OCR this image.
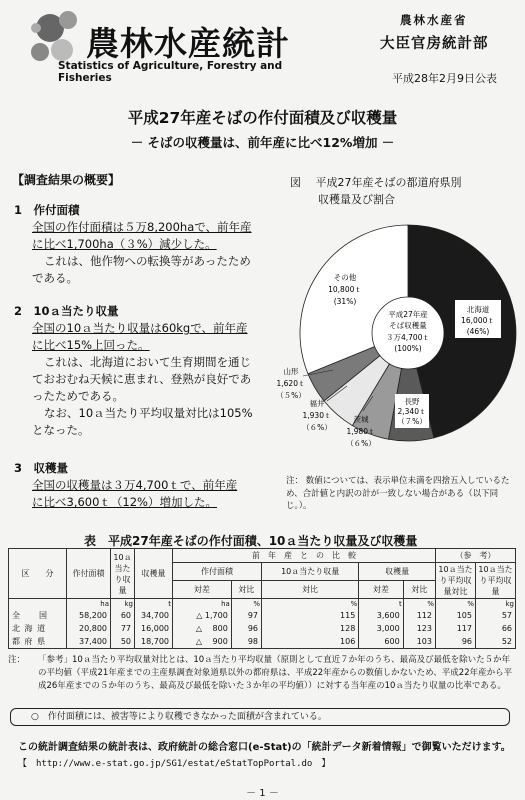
農林水産統計
Statistics of Agriculture, Forestry and Fisheries
農林水産省
大臣官房統計部
平成28年2月9日公表
平成27年産そばの作付面積及び収穫量
－ そばの収穫量は、前年産に比べ12%増加 －
【調査結果の概要】
1　作付面積
全国の作付面積は５万8,200haで、前年産
に比べ1,700ha（３%）減少した。
これは、他作物への転換等があったため
である。
2　10ａ当たり収量
全国の10ａ当たり収量は60kgで、前年産
に比べ15%上回った。
これは、北海道において生育期間を通じ
ておおむね天候に恵まれ、登熟が良好であ
ったためである。
なお、10ａ当たり平均収量対比は105%
となった。
3　収穫量
全国の収穫量は３万4,700ｔで、前年産
に比べ3,600ｔ（12%）増加した。
図　 平成27年産そばの都道府県別
収穫量及び割合
平成27年産
そば収穫量
３万4,700ｔ
(100%)
北海道
16,000ｔ
(46%)
長野
2,340ｔ
（７%）
茨城
1,980ｔ
（６%）
福井
1,930ｔ
（６%）
山形
1,620ｔ
（５%）
その他
10,800ｔ
(31%)
注： 数値については、表示単位未満を四捨五入しているため、合計値と内訳の計が一致しない場合がある（以下同じ。）。
表　平成27年産そばの作付面積、10ａ当たり収量及び収穫量
区　　分	作付面積	10ａ当たり収量	収穫量	前　年　産　と　の　比　較					（参　考）	
				作付面積		10ａ当たり収量	収穫量		10ａ当たり平均収量対比	10ａ当たり平均収量
				対差	対比	対比	対差	対比		
	ha	kg	t	ha	%	%	t	%	%	kg
全　　国	58,200	60	34,700	△ 1,700	97	115	3,600	112	105	57
北 海 道	20,800	77	16,000	△　 800	96	128	3,000	123	117	66
都 府 県	37,400	50	18,700	△　 900	98	106	600	103	96	52
注： 「参考」10ａ当たり平均収量対比とは、10ａ当たり平均収量（原則として直近７か年のうち、最高及び最低を除いた５か年の平均値（平成21年産までの主産県調査対象道県以外の都府県は、平成22年産からの数値しかないため、平成22年産から平成26年産までの５か年のうち、最高及び最低を除いた３か年の平均値））に対する当年産の10ａ当たり収量の比率である。
○　作付面積には、被害等により収穫できなかった面積が含まれている。
この統計調査結果の統計表は、政府統計の総合窓口(e-Stat)の「統計データ新着情報」で御覧いただけます。
【　http://www.e-stat.go.jp/SG1/estat/eStatTopPortal.do　】
－ 1 －
